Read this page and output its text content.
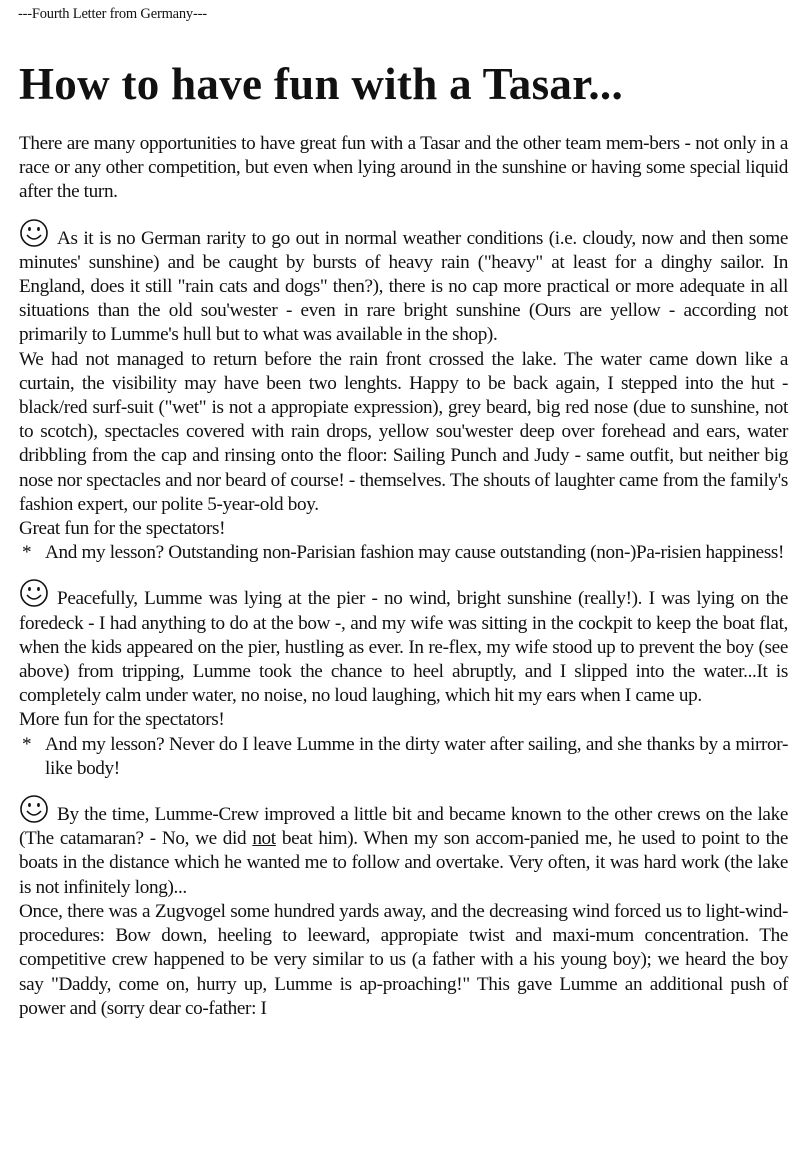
---Fourth Letter from Germany---
How to have fun with a Tasar...

There are many opportunities to have great fun with a Tasar and the other team mem-bers - not only in a race or any other competition, but even when lying around in the sunshine or having some special liquid after the turn.

As it is no German rarity to go out in normal weather conditions (i.e. cloudy, now and then some minutes' sunshine) and be caught by bursts of heavy rain ("heavy" at least for a dinghy sailor. In England, does it still "rain cats and dogs" then?), there is no cap more practical or more adequate in all situations than the old sou'wester - even in rare bright sunshine (Ours are yellow - according not primarily to Lumme's hull but to what was available in the shop).

We had not managed to return before the rain front crossed the lake. The water came down like a curtain, the visibility may have been two lenghts. Happy to be back again, I stepped into the hut - black/red surf-suit ("wet" is not a appropiate expression), grey beard, big red nose (due to sunshine, not to scotch), spectacles covered with rain drops, yellow sou'wester deep over forehead and ears, water dribbling from the cap and rinsing onto the floor: Sailing Punch and Judy - same outfit, but neither big nose nor spectacles and nor beard of course! - themselves. The shouts of laughter came from the family's fashion expert, our polite 5-year-old boy.

Great fun for the spectators!

* And my lesson? Outstanding non-Parisian fashion may cause outstanding (non-)Pa-risien happiness!

Peacefully, Lumme was lying at the pier - no wind, bright sunshine (really!). I was lying on the foredeck - I had anything to do at the bow -, and my wife was sitting in the cockpit to keep the boat flat, when the kids appeared on the pier, hustling as ever. In re-flex, my wife stood up to prevent the boy (see above) from tripping, Lumme took the chance to heel abruptly, and I slipped into the water...It is completely calm under water, no noise, no loud laughing, which hit my ears when I came up.

More fun for the spectators!

* And my lesson? Never do I leave Lumme in the dirty water after sailing, and she thanks by a mirror-like body!

By the time, Lumme-Crew improved a little bit and became known to the other crews on the lake (The catamaran? - No, we did not beat him). When my son accom-panied me, he used to point to the boats in the distance which he wanted me to follow and overtake. Very often, it was hard work (the lake is not infinitely long)...

Once, there was a Zugvogel some hundred yards away, and the decreasing wind forced us to light-wind-procedures: Bow down, heeling to leeward, appropiate twist and maxi-mum concentration. The competitive crew happened to be very similar to us (a father with a his young boy); we heard the boy say "Daddy, come on, hurry up, Lumme is ap-proaching!" This gave Lumme an additional push of power and (sorry dear co-father: I
